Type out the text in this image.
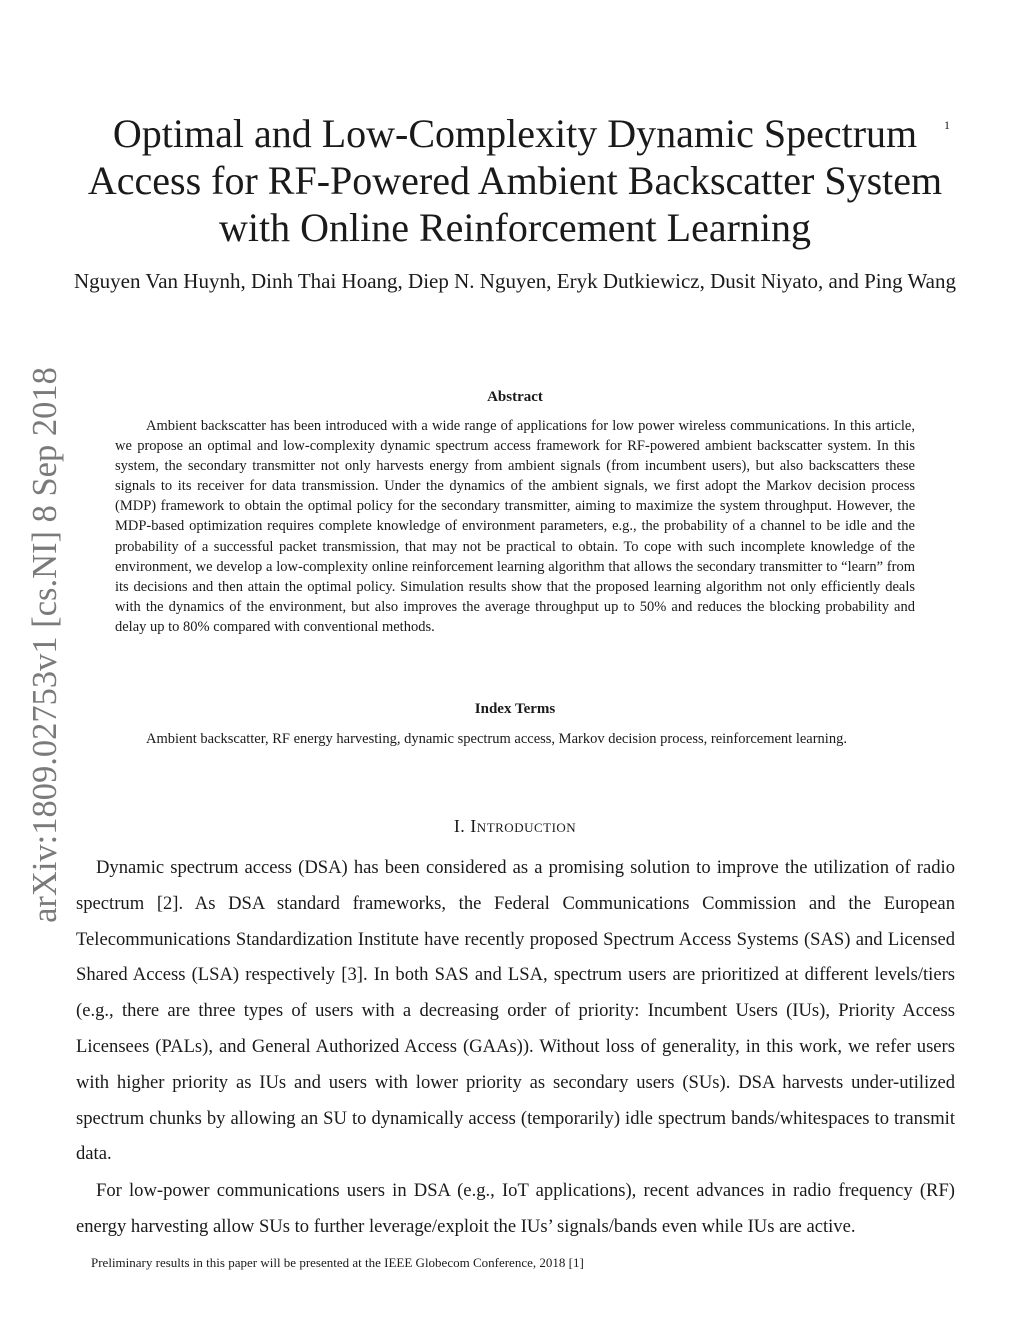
1
arXiv:1809.02753v1 [cs.NI] 8 Sep 2018
Optimal and Low-Complexity Dynamic Spectrum Access for RF-Powered Ambient Backscatter System with Online Reinforcement Learning

Nguyen Van Huynh, Dinh Thai Hoang, Diep N. Nguyen, Eryk Dutkiewicz, Dusit Niyato, and Ping Wang

Abstract

Ambient backscatter has been introduced with a wide range of applications for low power wireless communications. In this article, we propose an optimal and low-complexity dynamic spectrum access framework for RF-powered ambient backscatter system. In this system, the secondary transmitter not only harvests energy from ambient signals (from incumbent users), but also backscatters these signals to its receiver for data transmission. Under the dynamics of the ambient signals, we first adopt the Markov decision process (MDP) framework to obtain the optimal policy for the secondary transmitter, aiming to maximize the system throughput. However, the MDP-based optimization requires complete knowledge of environment parameters, e.g., the probability of a channel to be idle and the probability of a successful packet transmission, that may not be practical to obtain. To cope with such incomplete knowledge of the environment, we develop a low-complexity online reinforcement learning algorithm that allows the secondary transmitter to “learn” from its decisions and then attain the optimal policy. Simulation results show that the proposed learning algorithm not only efficiently deals with the dynamics of the environment, but also improves the average throughput up to 50% and reduces the blocking probability and delay up to 80% compared with conventional methods.

Index Terms

Ambient backscatter, RF energy harvesting, dynamic spectrum access, Markov decision process, reinforcement learning.

I. Introduction

Dynamic spectrum access (DSA) has been considered as a promising solution to improve the utilization of radio spectrum [2]. As DSA standard frameworks, the Federal Communications Commission and the European Telecommunications Standardization Institute have recently proposed Spectrum Access Systems (SAS) and Licensed Shared Access (LSA) respectively [3]. In both SAS and LSA, spectrum users are prioritized at different levels/tiers (e.g., there are three types of users with a decreasing order of priority: Incumbent Users (IUs), Priority Access Licensees (PALs), and General Authorized Access (GAAs)). Without loss of generality, in this work, we refer users with higher priority as IUs and users with lower priority as secondary users (SUs). DSA harvests under-utilized spectrum chunks by allowing an SU to dynamically access (temporarily) idle spectrum bands/whitespaces to transmit data.

For low-power communications users in DSA (e.g., IoT applications), recent advances in radio frequency (RF) energy harvesting allow SUs to further leverage/exploit the IUs’ signals/bands even while IUs are active.

Preliminary results in this paper will be presented at the IEEE Globecom Conference, 2018 [1]
